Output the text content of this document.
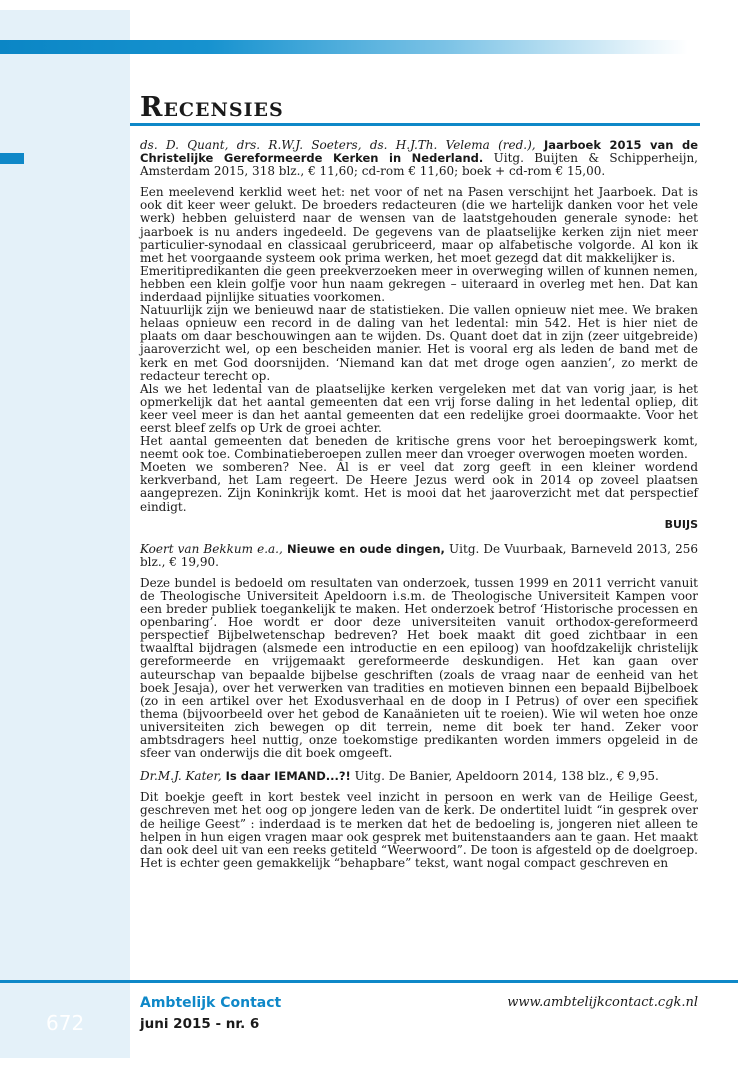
Recensies

ds. D. Quant, drs. R.W.J. Soeters, ds. H.J.Th. Velema (red.), Jaarboek 2015 van de Christelijke Gereformeerde Kerken in Nederland. Uitg. Buijten & Schipperheijn, Amsterdam 2015, 318 blz., € 11,60; cd-rom € 11,60; boek + cd-rom € 15,00.

Een meelevend kerklid weet het: net voor of net na Pasen verschijnt het Jaarboek. Dat is ook dit keer weer gelukt. De broeders redacteuren (die we hartelijk danken voor het vele werk) hebben geluisterd naar de wensen van de laatstgehouden generale synode: het jaarboek is nu anders ingedeeld. De gegevens van de plaatselijke kerken zijn niet meer particulier-synodaal en classicaal gerubriceerd, maar op alfabetische volgorde. Al kon ik met het voorgaande systeem ook prima werken, het moet gezegd dat dit makkelijker is.

Emeritipredikanten die geen preekverzoeken meer in overweging willen of kunnen nemen, hebben een klein golfje voor hun naam gekregen – uiteraard in overleg met hen. Dat kan inderdaad pijnlijke situaties voorkomen.

Natuurlijk zijn we benieuwd naar de statistieken. Die vallen opnieuw niet mee. We braken helaas opnieuw een record in de daling van het ledental: min 542. Het is hier niet de plaats om daar beschouwingen aan te wijden. Ds. Quant doet dat in zijn (zeer uitgebreide) jaaroverzicht wel, op een bescheiden manier. Het is vooral erg als leden de band met de kerk en met God doorsnijden. ‘Niemand kan dat met droge ogen aanzien’, zo merkt de redacteur terecht op.

Als we het ledental van de plaatselijke kerken vergeleken met dat van vorig jaar, is het opmerkelijk dat het aantal gemeenten dat een vrij forse daling in het ledental opliep, dit keer veel meer is dan het aantal gemeenten dat een redelijke groei doormaakte. Voor het eerst bleef zelfs op Urk de groei achter.

Het aantal gemeenten dat beneden de kritische grens voor het beroepingswerk komt, neemt ook toe. Combinatieberoepen zullen meer dan vroeger overwogen moeten worden.

Moeten we somberen? Nee. Al is er veel dat zorg geeft in een kleiner wordend kerkverband, het Lam regeert. De Heere Jezus werd ook in 2014 op zoveel plaatsen aangeprezen. Zijn Koninkrijk komt. Het is mooi dat het jaaroverzicht met dat perspectief eindigt.

BUIJS

Koert van Bekkum e.a., Nieuwe en oude dingen, Uitg. De Vuurbaak, Barneveld 2013, 256 blz., € 19,90.

Deze bundel is bedoeld om resultaten van onderzoek, tussen 1999 en 2011 verricht vanuit de Theologische Universiteit Apeldoorn i.s.m. de Theologische Universiteit Kampen voor een breder publiek toegankelijk te maken. Het onderzoek betrof ‘Historische processen en openbaring’. Hoe wordt er door deze universiteiten vanuit orthodox-gereformeerd perspectief Bijbelwetenschap bedreven? Het boek maakt dit goed zichtbaar in een twaalftal bijdragen (alsmede een introductie en een epiloog) van hoofdzakelijk christelijk gereformeerde en vrijgemaakt gereformeerde deskundigen. Het kan gaan over auteurschap van bepaalde bijbelse geschriften (zoals de vraag naar de eenheid van het boek Jesaja), over het verwerken van tradities en motieven binnen een bepaald Bijbelboek (zo in een artikel over het Exodusverhaal en de doop in I Petrus) of over een specifiek thema (bijvoorbeeld over het gebod de Kanaänieten uit te roeien). Wie wil weten hoe onze universiteiten zich bewegen op dit terrein, neme dit boek ter hand. Zeker voor ambtsdragers heel nuttig, onze toekomstige predikanten worden immers opgeleid in de sfeer van onderwijs die dit boek omgeeft.

Dr.M.J. Kater, Is daar IEMAND...?! Uitg. De Banier, Apeldoorn 2014, 138 blz., € 9,95.

Dit boekje geeft in kort bestek veel inzicht in persoon en werk van de Heilige Geest, geschreven met het oog op jongere leden van de kerk. De ondertitel luidt “in gesprek over de heilige Geest” : inderdaad is te merken dat het de bedoeling is, jongeren niet alleen te helpen in hun eigen vragen maar ook gesprek met buitenstaanders aan te gaan. Het maakt dan ook deel uit van een reeks getiteld “Weerwoord”. De toon is afgesteld op de doelgroep. Het is echter geen gemakkelijk “behapbare” tekst, want nogal compact geschreven en

672
Ambtelijk Contact
juni 2015 - nr. 6
www.ambtelijkcontact.cgk.nl
